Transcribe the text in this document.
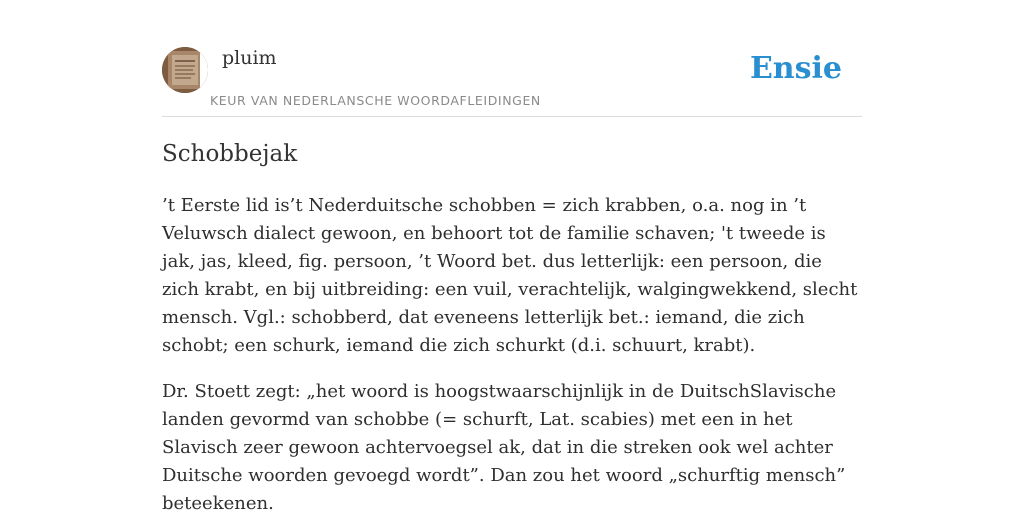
pluim
KEUR VAN NEDERLANSCHE WOORDAFLEIDINGEN
Ensie
Schobbejak

’t Eerste lid is’t Nederduitsche schobben = zich krabben, o.a. nog in ’t Veluwsch dialect gewoon, en behoort tot de familie schaven; 't tweede is jak, jas, kleed, fig. persoon, ’t Woord bet. dus letterlijk: een persoon, die zich krabt, en bij uitbreiding: een vuil, verachtelijk, walgingwekkend, slecht mensch. Vgl.: schobberd, dat eveneens letterlijk bet.: iemand, die zich schobt; een schurk, iemand die zich schurkt (d.i. schuurt, krabt).

Dr. Stoett zegt: „het woord is hoogstwaarschijnlijk in de DuitschSlavische landen gevormd van schobbe (= schurft, Lat. scabies) met een in het Slavisch zeer gewoon achtervoegsel ak, dat in die streken ook wel achter Duitsche woorden gevoegd wordt”. Dan zou het woord „schurftig mensch” beteekenen.
